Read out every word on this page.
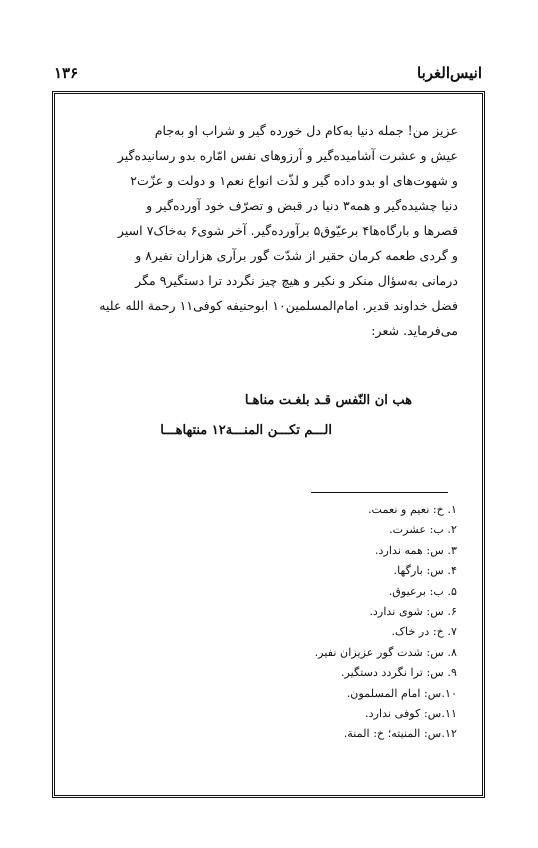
انیس‌الغربا
۱۳۶
عزیز من! جمله دنیا به‌کام دل خورده گیر و شراب او به‌جام
عیش و عشرت آشامیده‌گیر و آرزوهای نفس امّاره بدو رسانیده‌گیر
و شهوت‌های او بدو داده گیر و لذّت انواع نعم۱ و دولت و عزّت۲
دنیا چشیده‌گیر و همه۳ دنیا در قبض و تصرّف خود آورده‌گیر و
قصرها و بارگاه‌ها۴ برعیّوق۵ برآورده‌گیر. آخر شوی۶ به‌خاک۷ اسیر
و گردی طعمه کرمان حقیر از شدّت گور برآری هزاران نفیر۸ و
درمانی به‌سؤال منکر و نکیر و هیچ چیز نگردد ترا دستگیر۹ مگر
فضل خداوند قدیر. امام‌المسلمین۱۰ ابوحنیفه کوفی۱۱ رحمة الله علیه
می‌فرماید. شعر:
هب ان النّفس قـد بلغـت مناهـا
الـــم تكـــن المنـــة۱۲ منتهاهـــا
۱. خ: نعیم و نعمت.
۲. ب: عشرت.
۳. س: همه ندارد.
۴. س: بارگها.
۵. ب: برعیوق.
۶. س: شوی ندارد.
۷. خ: در خاک.
۸. س: شدت گور عزیزان نفیر.
۹. س: ترا نگردد دستگیر.
۱۰.س: امام المسلمون.
۱۱.س: کوفی ندارد.
۱۲.س: المنیته؛ خ: المنة.
